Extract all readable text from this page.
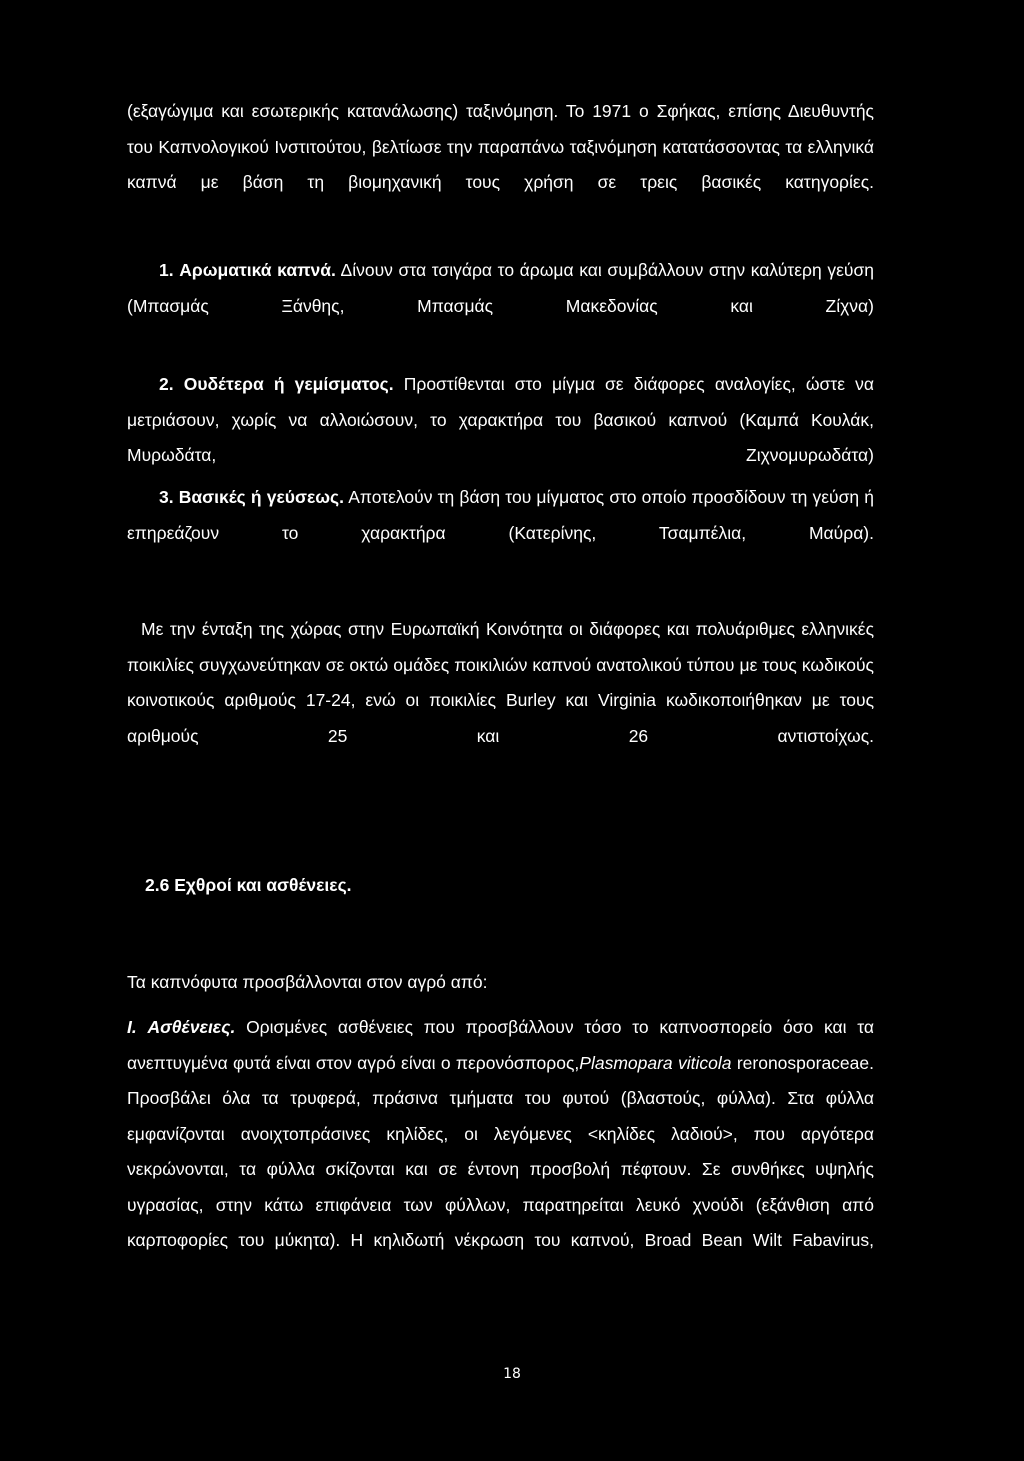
(εξαγώγιμα και εσωτερικής κατανάλωσης) ταξινόμηση. Το 1971 ο Σφήκας, επίσης Διευθυντής του Καπνολογικού Ινστιτούτου, βελτίωσε την παραπάνω ταξινόμηση κατατάσσοντας τα ελληνικά καπνά με βάση τη βιομηχανική τους χρήση σε τρεις βασικές κατηγορίες.

1. Αρωματικά καπνά. Δίνουν στα τσιγάρα το άρωμα και συμβάλλουν στην καλύτερη γεύση (Μπασμάς Ξάνθης, Μπασμάς Μακεδονίας και Ζίχνα)

2. Ουδέτερα ή γεμίσματος. Προστίθενται στο μίγμα σε διάφορες αναλογίες, ώστε να μετριάσουν, χωρίς να αλλοιώσουν, το χαρακτήρα του βασικού καπνού (Καμπά Κουλάκ, Μυρωδάτα, Ζιχνομυρωδάτα)

3. Βασικές ή γεύσεως. Αποτελούν τη βάση του μίγματος στο οποίο προσδίδουν τη γεύση ή επηρεάζουν το χαρακτήρα (Κατερίνης, Τσαμπέλια, Μαύρα).

Με την ένταξη της χώρας στην Ευρωπαϊκή Κοινότητα οι διάφορες και πολυάριθμες ελληνικές ποικιλίες συγχωνεύτηκαν σε οκτώ ομάδες ποικιλιών καπνού ανατολικού τύπου με τους κωδικούς κοινοτικούς αριθμούς 17-24, ενώ οι ποικιλίες Burley και Virginia κωδικοποιήθηκαν με τους αριθμούς 25 και 26 αντιστοίχως.

2.6 Εχθροί και ασθένειες.

Τα καπνόφυτα προσβάλλονται στον αγρό από:

Ι. Ασθένειες. Ορισμένες ασθένειες που προσβάλλουν τόσο το καπνοσπορείο όσο και τα ανεπτυγμένα φυτά είναι στον αγρό είναι ο περονόσπορος,Plasmopara viticola reronosporaceae. Προσβάλει όλα τα τρυφερά, πράσινα τμήματα του φυτού (βλαστούς, φύλλα). Στα φύλλα εμφανίζονται ανοιχτοπράσινες κηλίδες, οι λεγόμενες <κηλίδες λαδιού>, που αργότερα νεκρώνονται, τα φύλλα σκίζονται και σε έντονη προσβολή πέφτουν. Σε συνθήκες υψηλής υγρασίας, στην κάτω επιφάνεια των φύλλων, παρατηρείται λευκό χνούδι (εξάνθιση από καρποφορίες του μύκητα). Η κηλιδωτή νέκρωση του καπνού, Broad Bean Wilt Fabavirus,

18
